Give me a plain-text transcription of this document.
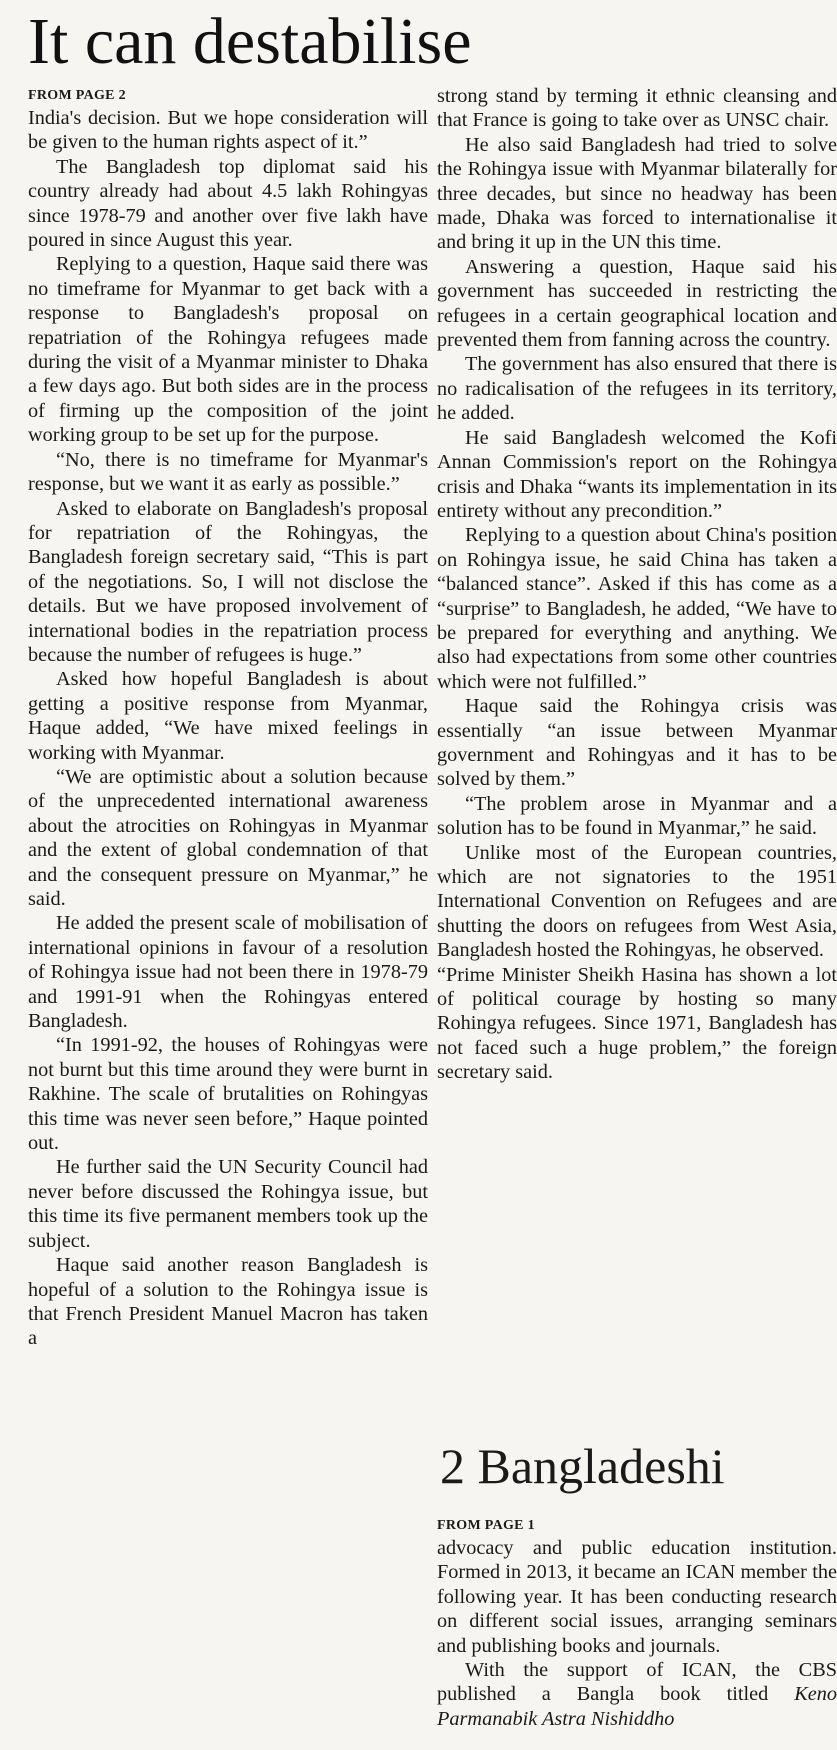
It can destabilise
FROM PAGE 2

India's decision. But we hope consideration will be given to the human rights aspect of it.”

The Bangladesh top diplomat said his country already had about 4.5 lakh Rohingyas since 1978-79 and another over five lakh have poured in since August this year.

Replying to a question, Haque said there was no timeframe for Myanmar to get back with a response to Bangladesh's proposal on repatriation of the Rohingya refugees made during the visit of a Myanmar minister to Dhaka a few days ago. But both sides are in the process of firming up the composition of the joint working group to be set up for the purpose.

“No, there is no timeframe for Myanmar's response, but we want it as early as possible.”

Asked to elaborate on Bangladesh's proposal for repatriation of the Rohingyas, the Bangladesh foreign secretary said, “This is part of the negotiations. So, I will not disclose the details. But we have proposed involvement of international bodies in the repatriation process because the number of refugees is huge.”

Asked how hopeful Bangladesh is about getting a positive response from Myanmar, Haque added, “We have mixed feelings in working with Myanmar.

“We are optimistic about a solution because of the unprecedented international awareness about the atrocities on Rohingyas in Myanmar and the extent of global condemnation of that and the consequent pressure on Myanmar,” he said.

He added the present scale of mobilisation of international opinions in favour of a resolution of Rohingya issue had not been there in 1978-79 and 1991-91 when the Rohingyas entered Bangladesh.

“In 1991-92, the houses of Rohingyas were not burnt but this time around they were burnt in Rakhine. The scale of brutalities on Rohingyas this time was never seen before,” Haque pointed out.

He further said the UN Security Council had never before discussed the Rohingya issue, but this time its five permanent members took up the subject.

Haque said another reason Bangladesh is hopeful of a solution to the Rohingya issue is that French President Manuel Macron has taken a

strong stand by terming it ethnic cleansing and that France is going to take over as UNSC chair.

He also said Bangladesh had tried to solve the Rohingya issue with Myanmar bilaterally for three decades, but since no headway has been made, Dhaka was forced to internationalise it and bring it up in the UN this time.

Answering a question, Haque said his government has succeeded in restricting the refugees in a certain geographical location and prevented them from fanning across the country.

The government has also ensured that there is no radicalisation of the refugees in its territory, he added.

He said Bangladesh welcomed the Kofi Annan Commission's report on the Rohingya crisis and Dhaka “wants its implementation in its entirety without any precondition.”

Replying to a question about China's position on Rohingya issue, he said China has taken a “balanced stance”. Asked if this has come as a “surprise” to Bangladesh, he added, “We have to be prepared for everything and anything. We also had expectations from some other countries which were not fulfilled.”

Haque said the Rohingya crisis was essentially “an issue between Myanmar government and Rohingyas and it has to be solved by them.”

“The problem arose in Myanmar and a solution has to be found in Myanmar,” he said.

Unlike most of the European countries, which are not signatories to the 1951 International Convention on Refugees and are shutting the doors on refugees from West Asia, Bangladesh hosted the Rohingyas, he observed.

“Prime Minister Sheikh Hasina has shown a lot of political courage by hosting so many Rohingya refugees. Since 1971, Bangladesh has not faced such a huge problem,” the foreign secretary said.

2 Bangladeshi
FROM PAGE 1

advocacy and public education institution. Formed in 2013, it became an ICAN member the following year. It has been conducting research on different social issues, arranging seminars and publishing books and journals.

With the support of ICAN, the CBS published a Bangla book titled Keno Parmanabik Astra Nishiddho
